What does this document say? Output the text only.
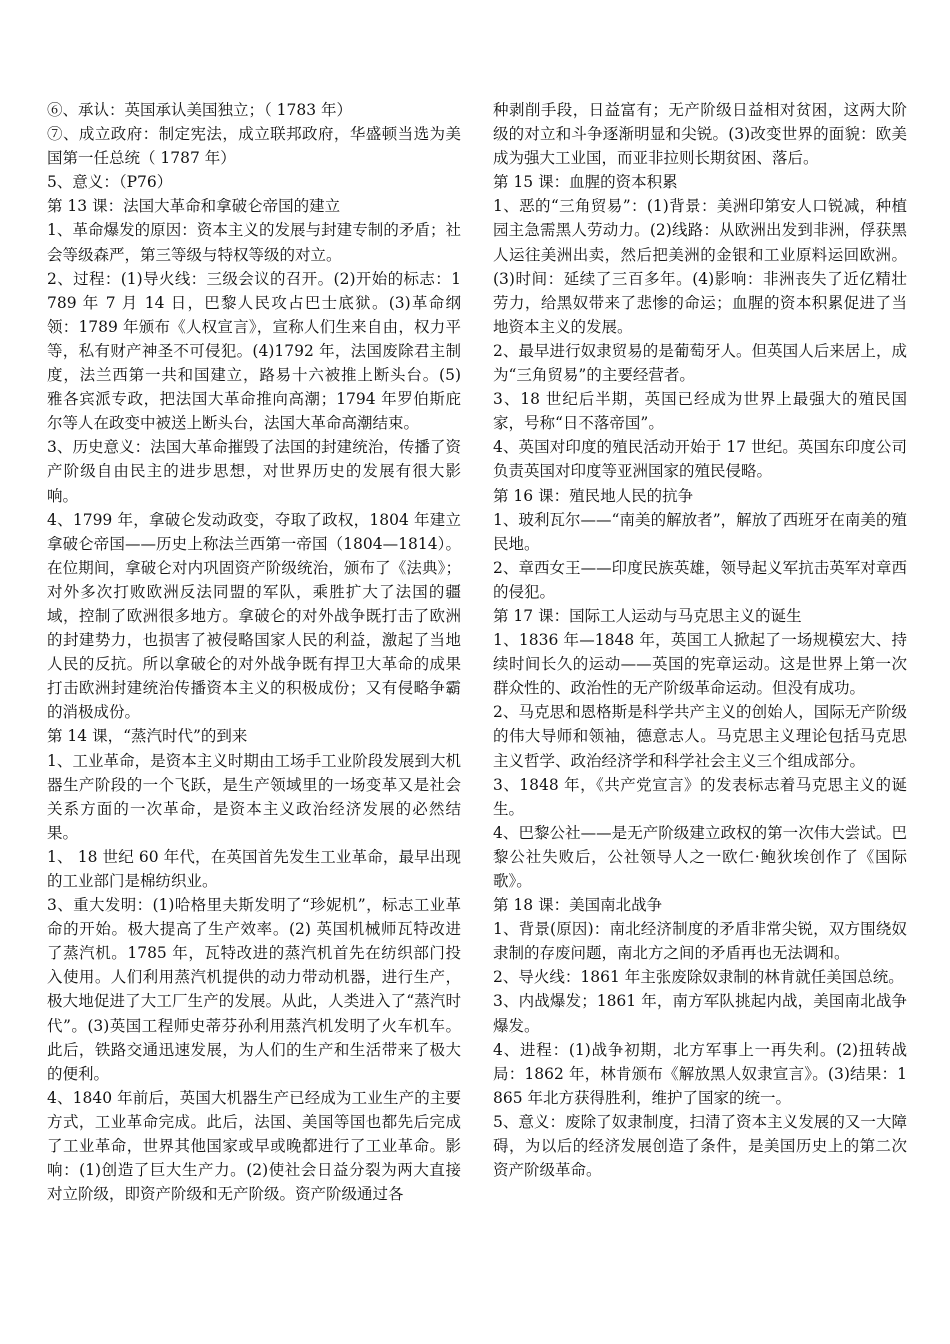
⑥、承认：英国承认美国独立；（ 1783 年）

⑦、成立政府：制定宪法，成立联邦政府，华盛顿当选为美国第一任总统（ 1787 年）

5、意义：（P76）

第 13 课：法国大革命和拿破仑帝国的建立

1、革命爆发的原因：资本主义的发展与封建专制的矛盾；社会等级森严，第三等级与特权等级的对立。

2、过程：(1)导火线：三级会议的召开。(2)开始的标志：1789 年 7 月 14 日，巴黎人民攻占巴士底狱。(3)革命纲领：1789 年颁布《人权宣言》，宣称人们生来自由，权力平等，私有财产神圣不可侵犯。(4)1792 年，法国废除君主制度，法兰西第一共和国建立，路易十六被推上断头台。(5) 雅各宾派专政，把法国大革命推向高潮；1794 年罗伯斯庇尔等人在政变中被送上断头台，法国大革命高潮结束。

3、历史意义：法国大革命摧毁了法国的封建统治，传播了资产阶级自由民主的进步思想，对世界历史的发展有很大影响。

4、1799 年，拿破仑发动政变，夺取了政权，1804 年建立拿破仑帝国——历史上称法兰西第一帝国（1804—1814）。在位期间，拿破仑对内巩固资产阶级统治，颁布了《法典》；对外多次打败欧洲反法同盟的军队，乘胜扩大了法国的疆域，控制了欧洲很多地方。拿破仑的对外战争既打击了欧洲的封建势力，也损害了被侵略国家人民的利益，激起了当地人民的反抗。所以拿破仑的对外战争既有捍卫大革命的成果打击欧洲封建统治传播资本主义的积极成份；又有侵略争霸的消极成份。

第 14 课，“蒸汽时代”的到来

1、工业革命，是资本主义时期由工场手工业阶段发展到大机器生产阶段的一个飞跃，是生产领域里的一场变革又是社会关系方面的一次革命，是资本主义政治经济发展的必然结果。

1、 18 世纪 60 年代，在英国首先发生工业革命，最早出现的工业部门是棉纺织业。

3、重大发明：(1)哈格里夫斯发明了“珍妮机”，标志工业革命的开始。极大提高了生产效率。(2) 英国机械师瓦特改进了蒸汽机。1785 年，瓦特改进的蒸汽机首先在纺织部门投入使用。人们利用蒸汽机提供的动力带动机器，进行生产，极大地促进了大工厂生产的发展。从此，人类进入了“蒸汽时代”。(3)英国工程师史蒂芬孙利用蒸汽机发明了火车机车。此后，铁路交通迅速发展，为人们的生产和生活带来了极大的便利。

4、1840 年前后，英国大机器生产已经成为工业生产的主要方式，工业革命完成。此后，法国、美国等国也都先后完成了工业革命，世界其他国家或早或晚都进行了工业革命。影响：(1)创造了巨大生产力。(2)使社会日益分裂为两大直接对立阶级，即资产阶级和无产阶级。资产阶级通过各

种剥削手段，日益富有；无产阶级日益相对贫困，这两大阶级的对立和斗争逐渐明显和尖锐。(3)改变世界的面貌：欧美成为强大工业国，而亚非拉则长期贫困、落后。

第 15 课：血腥的资本积累

1、恶的“三角贸易”：(1)背景：美洲印第安人口锐减，种植园主急需黑人劳动力。(2)线路：从欧洲出发到非洲，俘获黑人运往美洲出卖，然后把美洲的金银和工业原料运回欧洲。(3)时间：延续了三百多年。(4)影响：非洲丧失了近亿精壮劳力，给黑奴带来了悲惨的命运；血腥的资本积累促进了当地资本主义的发展。

2、最早进行奴隶贸易的是葡萄牙人。但英国人后来居上，成为“三角贸易”的主要经营者。

3、18 世纪后半期，英国已经成为世界上最强大的殖民国家，号称“日不落帝国”。

4、英国对印度的殖民活动开始于 17 世纪。英国东印度公司负责英国对印度等亚洲国家的殖民侵略。

第 16 课：殖民地人民的抗争

1、玻利瓦尔——“南美的解放者”，解放了西班牙在南美的殖民地。

2、章西女王——印度民族英雄，领导起义军抗击英军对章西的侵犯。

第 17 课：国际工人运动与马克思主义的诞生

1、1836 年—1848 年，英国工人掀起了一场规模宏大、持续时间长久的运动——英国的宪章运动。这是世界上第一次群众性的、政治性的无产阶级革命运动。但没有成功。

2、马克思和恩格斯是科学共产主义的创始人，国际无产阶级的伟大导师和领袖，德意志人。马克思主义理论包括马克思主义哲学、政治经济学和科学社会主义三个组成部分。

3、1848 年，《共产党宣言》的发表标志着马克思主义的诞生。

4、巴黎公社——是无产阶级建立政权的第一次伟大尝试。巴黎公社失败后，公社领导人之一欧仁·鲍狄埃创作了《国际歌》。

第 18 课：美国南北战争

1、背景(原因)：南北经济制度的矛盾非常尖锐，双方围绕奴隶制的存废问题，南北方之间的矛盾再也无法调和。

2、导火线：1861 年主张废除奴隶制的林肯就任美国总统。

3、内战爆发；1861 年，南方军队挑起内战，美国南北战争爆发。

4、进程：(1)战争初期，北方军事上一再失利。(2)扭转战局：1862 年，林肯颁布《解放黑人奴隶宣言》。(3)结果：1865 年北方获得胜利，维护了国家的统一。

5、意义：废除了奴隶制度，扫清了资本主义发展的又一大障碍，为以后的经济发展创造了条件，是美国历史上的第二次资产阶级革命。
